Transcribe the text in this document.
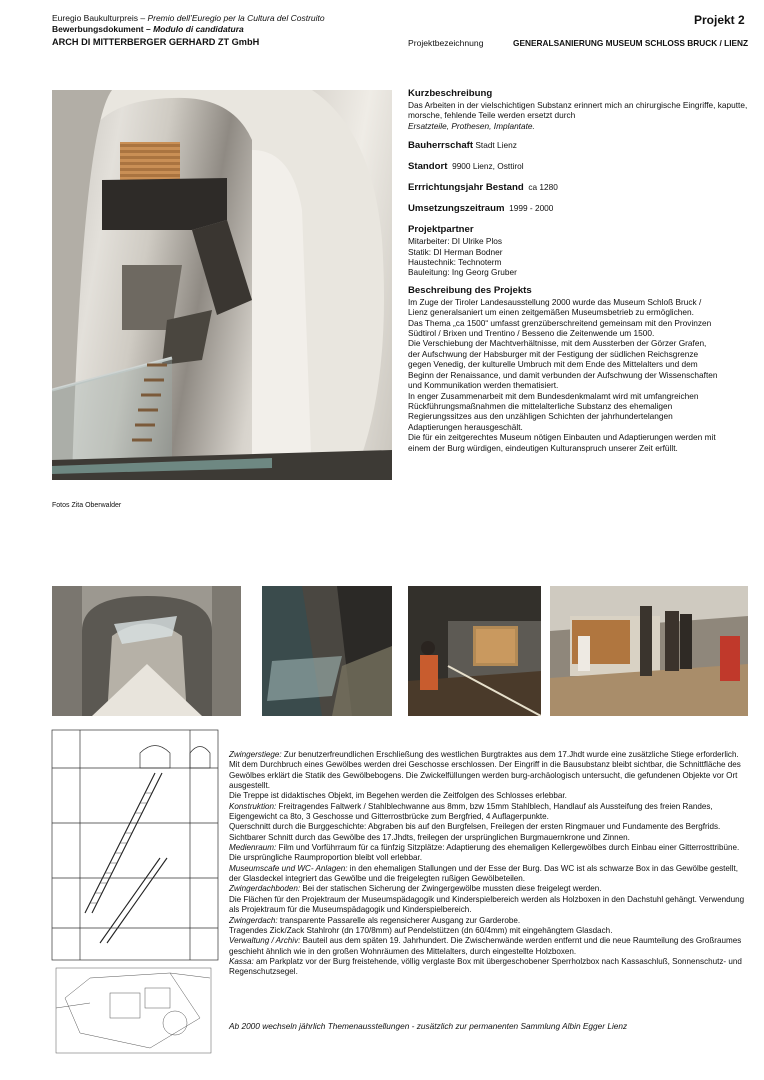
Euregio Baukulturpreis – Premio dell’Euregio per la Cultura del Costruito
Bewerbungsdokument – Modulo di candidatura
ARCH DI MITTERBERGER GERHARD ZT GmbH	Projektbezeichnung	GENERALSANIERUNG MUSEUM SCHLOSS BRUCK / LIENZ
Projekt 2
Kurzbeschreibung

Das Arbeiten in der vielschichtigen Substanz erinnert mich an chirurgische Eingriffe, kaputte, morsche, fehlende Teile werden ersetzt durch

Ersatzteile, Prothesen, Implantate.

Bauherrschaft Stadt Lienz

Standort 9900 Lienz, Osttirol

Errrichtungsjahr Bestand ca 1280

Umsetzungszeitraum 1999 - 2000

Projektpartner

Mitarbeiter: DI Ulrike Plos

Statik: DI Herman Bodner

Haustechnik: Technoterm

Bauleitung: Ing Georg Gruber

Beschreibung des Projekts

Im Zuge der Tiroler Landesausstellung 2000 wurde das Museum Schloß Bruck /

Lienz generalsaniert um einen zeitgemäßen Museumsbetrieb zu ermöglichen.

Das Thema „ca 1500“ umfasst grenzüberschreitend gemeinsam mit den Provinzen

Südtirol / Brixen und Trentino / Besseno die Zeitenwende um 1500.

Die Verschiebung der Machtverhältnisse, mit dem Aussterben der Görzer Grafen,

der Aufschwung der Habsburger mit der Festigung der südlichen Reichsgrenze

gegen Venedig, der kulturelle Umbruch mit dem Ende des Mittelalters und dem

Beginn der Renaissance, und damit verbunden der Aufschwung der Wissenschaften

und Kommunikation werden thematisiert.

In enger Zusammenarbeit mit dem Bundesdenkmalamt wird mit umfangreichen

Rückführungsmaßnahmen die mittelalterliche Substanz des ehemaligen

Regierungssitzes aus den unzähligen Schichten der jahrhundertelangen

Adaptierungen herausgeschält.

Die für ein zeitgerechtes Museum nötigen Einbauten und Adaptierungen werden mit

einem der Burg würdigen, eindeutigen Kulturanspruch unserer Zeit erfüllt.

Fotos Zita Oberwalder
Zwingerstiege: Zur benutzerfreundlichen Erschließung des westlichen Burgtraktes aus dem 17.Jhdt wurde eine zusätzliche Stiege erforderlich. Mit dem Durchbruch eines Gewölbes werden drei Geschosse erschlossen. Der Eingriff in die Bausubstanz bleibt sichtbar, die Schnittfläche des Gewölbes erklärt die Statik des Gewölbebogens. Die Zwickelfüllungen werden burg-archäologisch untersucht, die gefundenen Objekte vor Ort ausgestellt.
Die Treppe ist didaktisches Objekt, im Begehen werden die Zeitfolgen des Schlosses erlebbar.
Konstruktion: Freitragendes Faltwerk / Stahlblechwanne aus 8mm, bzw 15mm Stahlblech, Handlauf als Aussteifung des freien Randes, Eigengewicht ca 8to, 3 Geschosse und Gitterrostbrücke zum Bergfried, 4 Auflagerpunkte.
Querschnitt durch die Burggeschichte: Abgraben bis auf den Burgfelsen, Freilegen der ersten Ringmauer und Fundamente des Bergfrids. Sichtbarer Schnitt durch das Gewölbe des 17.Jhdts, freilegen der ursprünglichen Burgmauernkrone und Zinnen.
Medienraum: Film und Vorführraum für ca fünfzig Sitzplätze: Adaptierung des ehemaligen Kellergewölbes durch Einbau einer Gitterrosttribüne. Die ursprüngliche Raumproportion bleibt voll erlebbar.
Museumscafe und WC- Anlagen: in den ehemaligen Stallungen und der Esse der Burg. Das WC ist als schwarze Box in das Gewölbe gestellt, der Glasdeckel integriert das Gewölbe und die freigelegten rußigen Gewölbeteilen.
Zwingerdachboden: Bei der statischen Sicherung der Zwingergewölbe mussten diese freigelegt werden.
Die Flächen für den Projektraum der Museumspädagogik und Kinderspielbereich werden als Holzboxen in den Dachstuhl gehängt. Verwendung als Projektraum für die Museumspädagogik und Kinderspielbereich.
Zwingerdach: transparente Passarelle als regensicherer Ausgang zur Garderobe.
Tragendes Zick/Zack Stahlrohr (dn 170/8mm) auf Pendelstützen (dn 60/4mm) mit eingehängtem Glasdach.
Verwaltung / Archiv: Bauteil aus dem späten 19. Jahrhundert. Die Zwischenwände werden entfernt und die neue Raumteilung des Großraumes geschieht ähnlich wie in den großen Wohnräumen des Mittelalters, durch eingestellte Holzboxen.
Kassa: am Parkplatz vor der Burg freistehende, völlig verglaste Box mit übergeschobener Sperrholzbox nach Kassaschluß, Sonnenschutz- und Regenschutzsegel.
Ab 2000 wechseln jährlich Themenausstellungen - zusätzlich zur permanenten Sammlung Albin Egger Lienz
